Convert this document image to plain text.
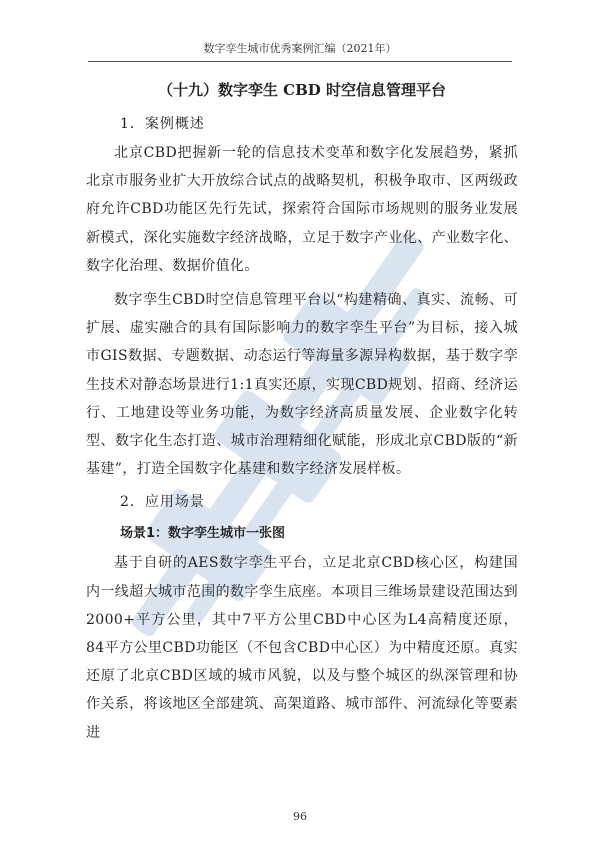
数字孪生城市优秀案例汇编（2021年）
（十九）数字孪生 CBD 时空信息管理平台
1．案例概述

北京CBD把握新一轮的信息技术变革和数字化发展趋势，紧抓北京市服务业扩大开放综合试点的战略契机，积极争取市、区两级政府允许CBD功能区先行先试，探索符合国际市场规则的服务业发展新模式，深化实施数字经济战略，立足于数字产业化、产业数字化、数字化治理、数据价值化。

数字孪生CBD时空信息管理平台以“构建精确、真实、流畅、可扩展、虚实融合的具有国际影响力的数字孪生平台”为目标，接入城市GIS数据、专题数据、动态运行等海量多源异构数据，基于数字孪生技术对静态场景进行1:1真实还原，实现CBD规划、招商、经济运行、工地建设等业务功能，为数字经济高质量发展、企业数字化转型、数字化生态打造、城市治理精细化赋能，形成北京CBD版的“新基建”，打造全国数字化基建和数字经济发展样板。

2．应用场景
场景1：数字孪生城市一张图

基于自研的AES数字孪生平台，立足北京CBD核心区，构建国内一线超大城市范围的数字孪生底座。本项目三维场景建设范围达到2000+平方公里，其中7平方公里CBD中心区为L4高精度还原，84平方公里CBD功能区（不包含CBD中心区）为中精度还原。真实还原了北京CBD区域的城市风貌，以及与整个城区的纵深管理和协作关系，将该地区全部建筑、高架道路、城市部件、河流绿化等要素进

96
